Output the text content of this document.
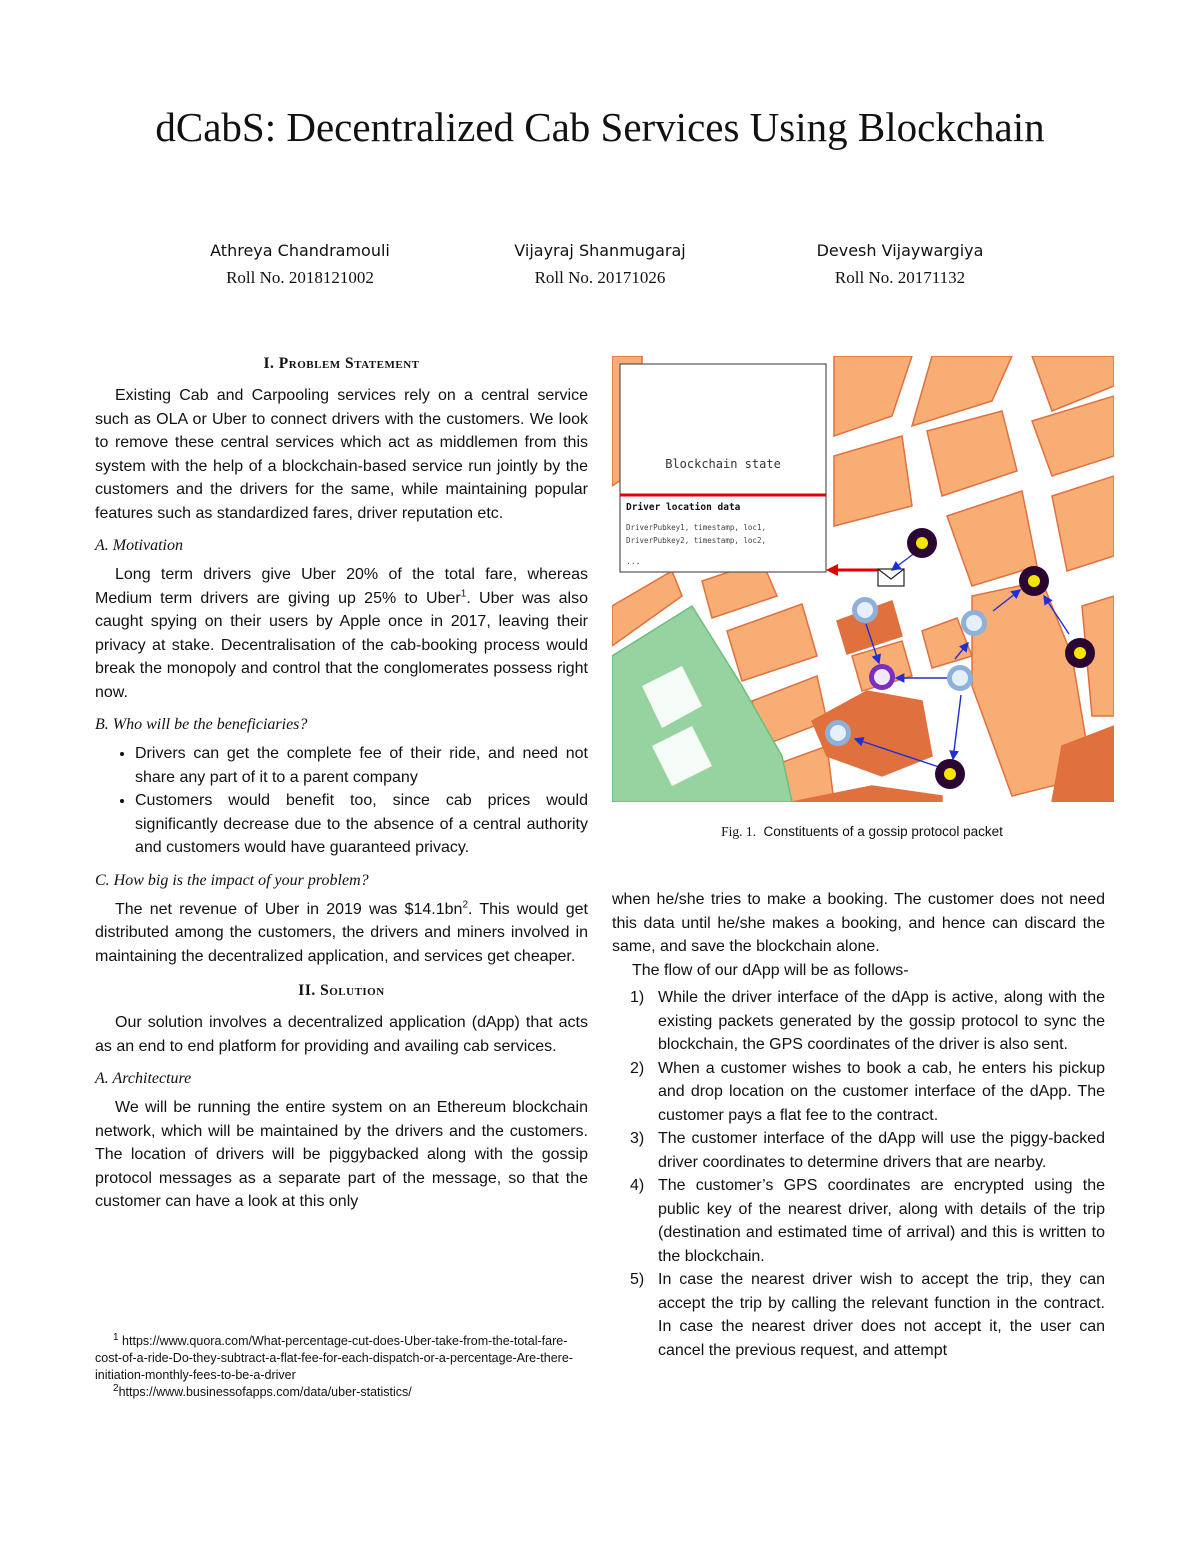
dCabS: Decentralized Cab Services Using Blockchain
Athreya Chandramouli
Roll No. 2018121002
Vijayraj Shanmugaraj
Roll No. 20171026
Devesh Vijaywargiya
Roll No. 20171132
I. Problem Statement

Existing Cab and Carpooling services rely on a central service such as OLA or Uber to connect drivers with the customers. We look to remove these central services which act as middlemen from this system with the help of a blockchain-based service run jointly by the customers and the drivers for the same, while maintaining popular features such as standardized fares, driver reputation etc.

A. Motivation

Long term drivers give Uber 20% of the total fare, whereas Medium term drivers are giving up 25% to Uber$^1$. Uber was also caught spying on their users by Apple once in 2017, leaving their privacy at stake. Decentralisation of the cab-booking process would break the monopoly and control that the conglomerates possess right now.

B. Who will be the beneficiaries?
• Drivers can get the complete fee of their ride, and need not share any part of it to a parent company
• Customers would benefit too, since cab prices would significantly decrease due to the absence of a central authority and customers would have guaranteed privacy.
C. How big is the impact of your problem?

The net revenue of Uber in 2019 was $\$14.1bn^2$. This would get distributed among the customers, the drivers and miners involved in maintaining the decentralized application, and services get cheaper.

II. Solution

Our solution involves a decentralized application (dApp) that acts as an end to end platform for providing and availing cab services.

A. Architecture

We will be running the entire system on an Ethereum blockchain network, which will be maintained by the drivers and the customers. The location of drivers will be piggybacked along with the gossip protocol messages as a separate part of the message, so that the customer can have a look at this only

$^1$ https://www.quora.com/What-percentage-cut-does-Uber-take-from-the-total-fare-cost-of-a-ride-Do-they-subtract-a-flat-fee-for-each-dispatch-or-a-percentage-Are-there-initiation-monthly-fees-to-be-a-driver

$^2$https://www.businessofapps.com/data/uber-statistics/

Blockchain state
Driver location data
DriverPubkey1, timestamp, loc1,
DriverPubkey2, timestamp, loc2,
...
Fig. 1. Constituents of a gossip protocol packet

when he/she tries to make a booking. The customer does not need this data until he/she makes a booking, and hence can discard the same, and save the blockchain alone.

The flow of our dApp will be as follows-

1) While the driver interface of the dApp is active, along with the existing packets generated by the gossip protocol to sync the blockchain, the GPS coordinates of the driver is also sent.
2) When a customer wishes to book a cab, he enters his pickup and drop location on the customer interface of the dApp. The customer pays a flat fee to the contract.
3) The customer interface of the dApp will use the piggy-backed driver coordinates to determine drivers that are nearby.
4) The customer’s GPS coordinates are encrypted using the public key of the nearest driver, along with details of the trip (destination and estimated time of arrival) and this is written to the blockchain.
5) In case the nearest driver wish to accept the trip, they can accept the trip by calling the relevant function in the contract. In case the nearest driver does not accept it, the user can cancel the previous request, and attempt
